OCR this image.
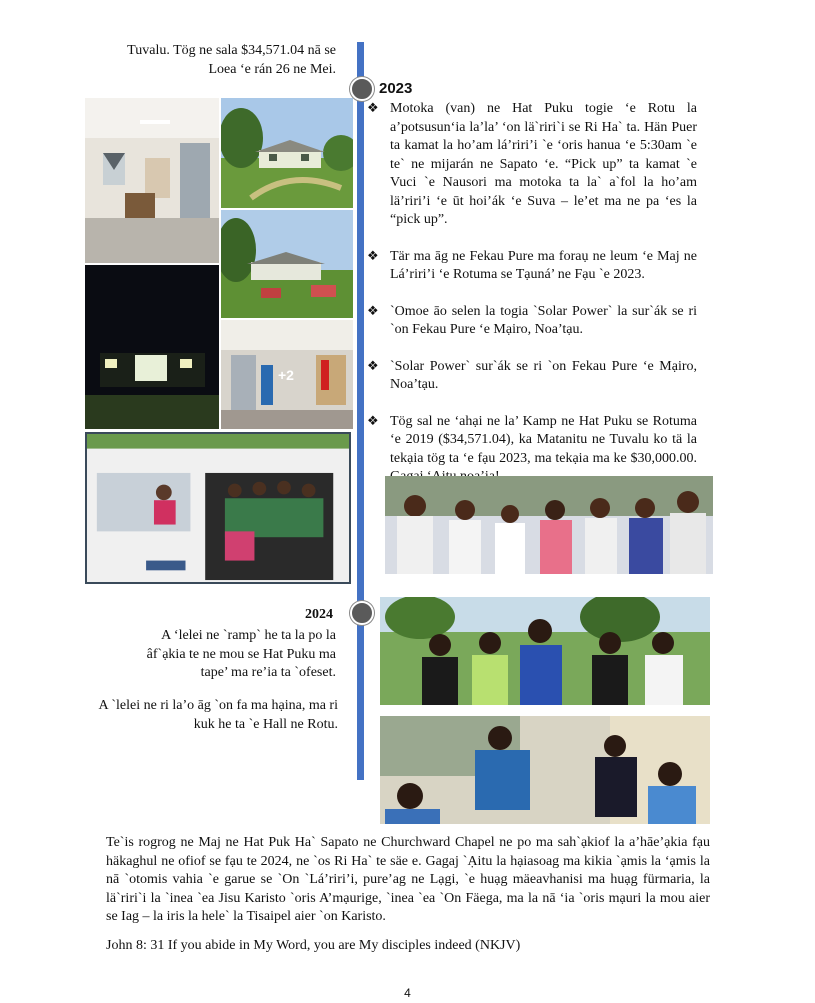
Tuvalu. Tög ne sala $34,571.04 nā se
Loea ‘e rán 26 ne Mei.
2023
❖ Motoka (van) ne Hat Puku togie ‘e Rotu la a’potsusun‘ia la’la’ ‘on lä`riri`i se Ri Ha` ta. Hän Puer ta kamat la ho’am lá’riri’i `e ‘oris hanua ‘e 5:30am `e te` ne mijarán ne Sapato ‘e. “Pick up” ta kamat `e Vuci `e Nausori ma motoka ta la` a`fol la ho’am lä’riri’i ‘e ūt hoi’ák ‘e Suva – le’et ma ne pa ‘es la “pick up”.
❖ Tär ma āg ne Fekau Pure ma foraụ ne leum ‘e Maj ne Lá’riri’i ‘e Rotuma se Tạuná’ ne Fạu `e 2023.
❖ `Omoe āo selen la togia `Solar Power` la sur`ák se ri `on Fekau Pure ‘e Mạiro, Noa’tạu.
❖ `Solar Power` sur`ák se ri `on Fekau Pure ‘e Mạiro, Noa’tạu.
❖ Tög sal ne ‘ahại ne la’ Kamp ne Hat Puku se Rotuma ‘e 2019 ($34,571.04), ka Matanitu ne Tuvalu ko tä la tekạia tög ta ‘e fạu 2023, ma tekạia ma ke $30,000.00.
+2
2024
A ‘lelei ne `ramp` he ta la po la âf`ạkia te ne mou se Hat Puku ma tape’ ma re’ia ta `ofeset.
A `lelei ne ri la’o āg `on fa ma hạina, ma ri kuk he ta `e Hall ne Rotu.
Te`is rogrog ne Maj ne Hat Puk Ha` Sapato ne Churchward Chapel ne po ma sah`ạkiof la a’hāe’ạkia fạu häkaghul ne ofiof se fạu te 2024, ne `os Ri Ha` te säe e. Gagaj `Ạitu la hạiasoag ma kikia `ạmis la ‘ạmis la nā `otomis vahia `e garue se `On `Lá’riri’i, pure’ag ne Lạgi, `e huạg mäeavhanisi ma huạg fürmaria, la lä`riri`i la `inea `ea Jisu Karisto `oris A’mạurige, `inea `ea `On Fäega, ma la nā ‘ia `oris mạuri la mou aier se Iag – la iris la hele` la Tisaipel aier `on Karisto.
John 8: 31 If you abide in My Word, you are My disciples indeed (NKJV)
4
